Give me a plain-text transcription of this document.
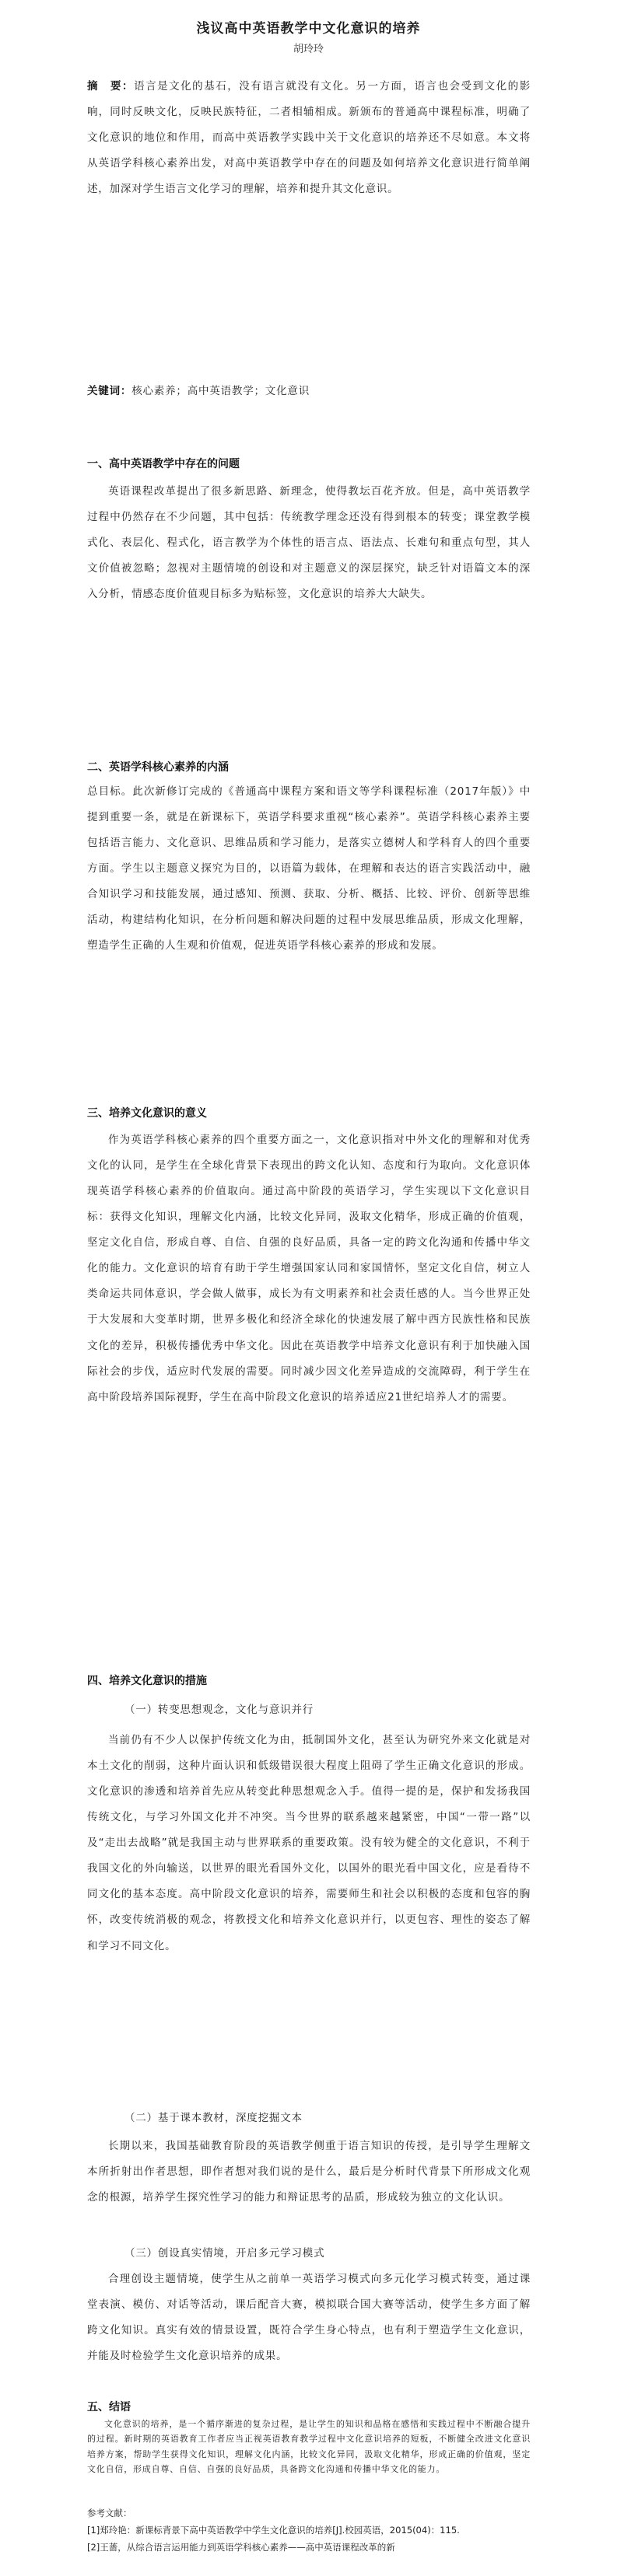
浅议高中英语教学中文化意识的培养
胡玲玲
摘　要：语言是文化的基石，没有语言就没有文化。另一方面，语言也会受到文化的影响，同时反映文化，反映民族特征，二者相辅相成。新颁布的普通高中课程标准，明确了文化意识的地位和作用，而高中英语教学实践中关于文化意识的培养还不尽如意。本文将从英语学科核心素养出发，对高中英语教学中存在的问题及如何培养文化意识进行简单阐述，加深对学生语言文化学习的理解，培养和提升其文化意识。
关键词：核心素养；高中英语教学；文化意识
一、高中英语教学中存在的问题
英语课程改革提出了很多新思路、新理念，使得教坛百花齐放。但是，高中英语教学过程中仍然存在不少问题，其中包括：传统教学理念还没有得到根本的转变；课堂教学模式化、表层化、程式化，语言教学为个体性的语言点、语法点、长难句和重点句型，其人文价值被忽略；忽视对主题情境的创设和对主题意义的深层探究，缺乏针对语篇文本的深入分析，情感态度价值观目标多为贴标签，文化意识的培养大大缺失。
二、英语学科核心素养的内涵
总目标。此次新修订完成的《普通高中课程方案和语文等学科课程标准（2017年版）》中提到重要一条，就是在新课标下，英语学科要求重视“核心素养”。英语学科核心素养主要包括语言能力、文化意识、思维品质和学习能力，是落实立德树人和学科育人的四个重要方面。学生以主题意义探究为目的，以语篇为载体，在理解和表达的语言实践活动中，融合知识学习和技能发展，通过感知、预测、获取、分析、概括、比较、评价、创新等思维活动，构建结构化知识，在分析问题和解决问题的过程中发展思维品质，形成文化理解，塑造学生正确的人生观和价值观，促进英语学科核心素养的形成和发展。
三、培养文化意识的意义
作为英语学科核心素养的四个重要方面之一，文化意识指对中外文化的理解和对优秀文化的认同，是学生在全球化背景下表现出的跨文化认知、态度和行为取向。文化意识体现英语学科核心素养的价值取向。通过高中阶段的英语学习，学生实现以下文化意识目标：获得文化知识，理解文化内涵，比较文化异同，汲取文化精华，形成正确的价值观，坚定文化自信，形成自尊、自信、自强的良好品质，具备一定的跨文化沟通和传播中华文化的能力。文化意识的培育有助于学生增强国家认同和家国情怀，坚定文化自信，树立人类命运共同体意识，学会做人做事，成长为有文明素养和社会责任感的人。当今世界正处于大发展和大变革时期，世界多极化和经济全球化的快速发展了解中西方民族性格和民族文化的差异，积极传播优秀中华文化。因此在英语教学中培养文化意识有利于加快融入国际社会的步伐，适应时代发展的需要。同时减少因文化差异造成的交流障碍，利于学生在高中阶段培养国际视野，学生在高中阶段文化意识的培养适应21世纪培养人才的需要。
四、培养文化意识的措施
（一）转变思想观念，文化与意识并行
当前仍有不少人以保护传统文化为由，抵制国外文化，甚至认为研究外来文化就是对本土文化的削弱，这种片面认识和低级错误很大程度上阻碍了学生正确文化意识的形成。文化意识的渗透和培养首先应从转变此种思想观念入手。值得一提的是，保护和发扬我国传统文化，与学习外国文化并不冲突。当今世界的联系越来越紧密，中国“一带一路”以及“走出去战略”就是我国主动与世界联系的重要政策。没有较为健全的文化意识，不利于我国文化的外向输送，以世界的眼光看国外文化，以国外的眼光看中国文化，应是看待不同文化的基本态度。高中阶段文化意识的培养，需要师生和社会以积极的态度和包容的胸怀，改变传统消极的观念，将教授文化和培养文化意识并行，以更包容、理性的姿态了解和学习不同文化。
（二）基于课本教材，深度挖掘文本
长期以来，我国基础教育阶段的英语教学侧重于语言知识的传授，是引导学生理解文本所折射出作者思想，即作者想对我们说的是什么，最后是分析时代背景下所形成文化观念的根源，培养学生探究性学习的能力和辩证思考的品质，形成较为独立的文化认识。
（三）创设真实情境，开启多元学习模式
合理创设主题情境，使学生从之前单一英语学习模式向多元化学习模式转变，通过课堂表演、模仿、对话等活动，课后配音大赛，模拟联合国大赛等活动，使学生多方面了解跨文化知识。真实有效的情景设置，既符合学生身心特点，也有利于塑造学生文化意识，并能及时检验学生文化意识培养的成果。
五、结语
文化意识的培养，是一个循序渐进的复杂过程，是让学生的知识和品格在感悟和实践过程中不断融合提升的过程。新时期的英语教育工作者应当正视英语教育教学过程中文化意识培养的短板，不断健全改进文化意识培养方案，帮助学生获得文化知识，理解文化内涵，比较文化异同，汲取文化精华，形成正确的价值观，坚定文化自信，形成自尊、自信、自强的良好品质，具备跨文化沟通和传播中华文化的能力。
参考文献：
[1]郑玲艳：新课标背景下高中英语教学中学生文化意识的培养[J].校园英语，2015(04)：115.
[2]王蔷，从综合语言运用能力到英语学科核心素养——高中英语课程改革的新
